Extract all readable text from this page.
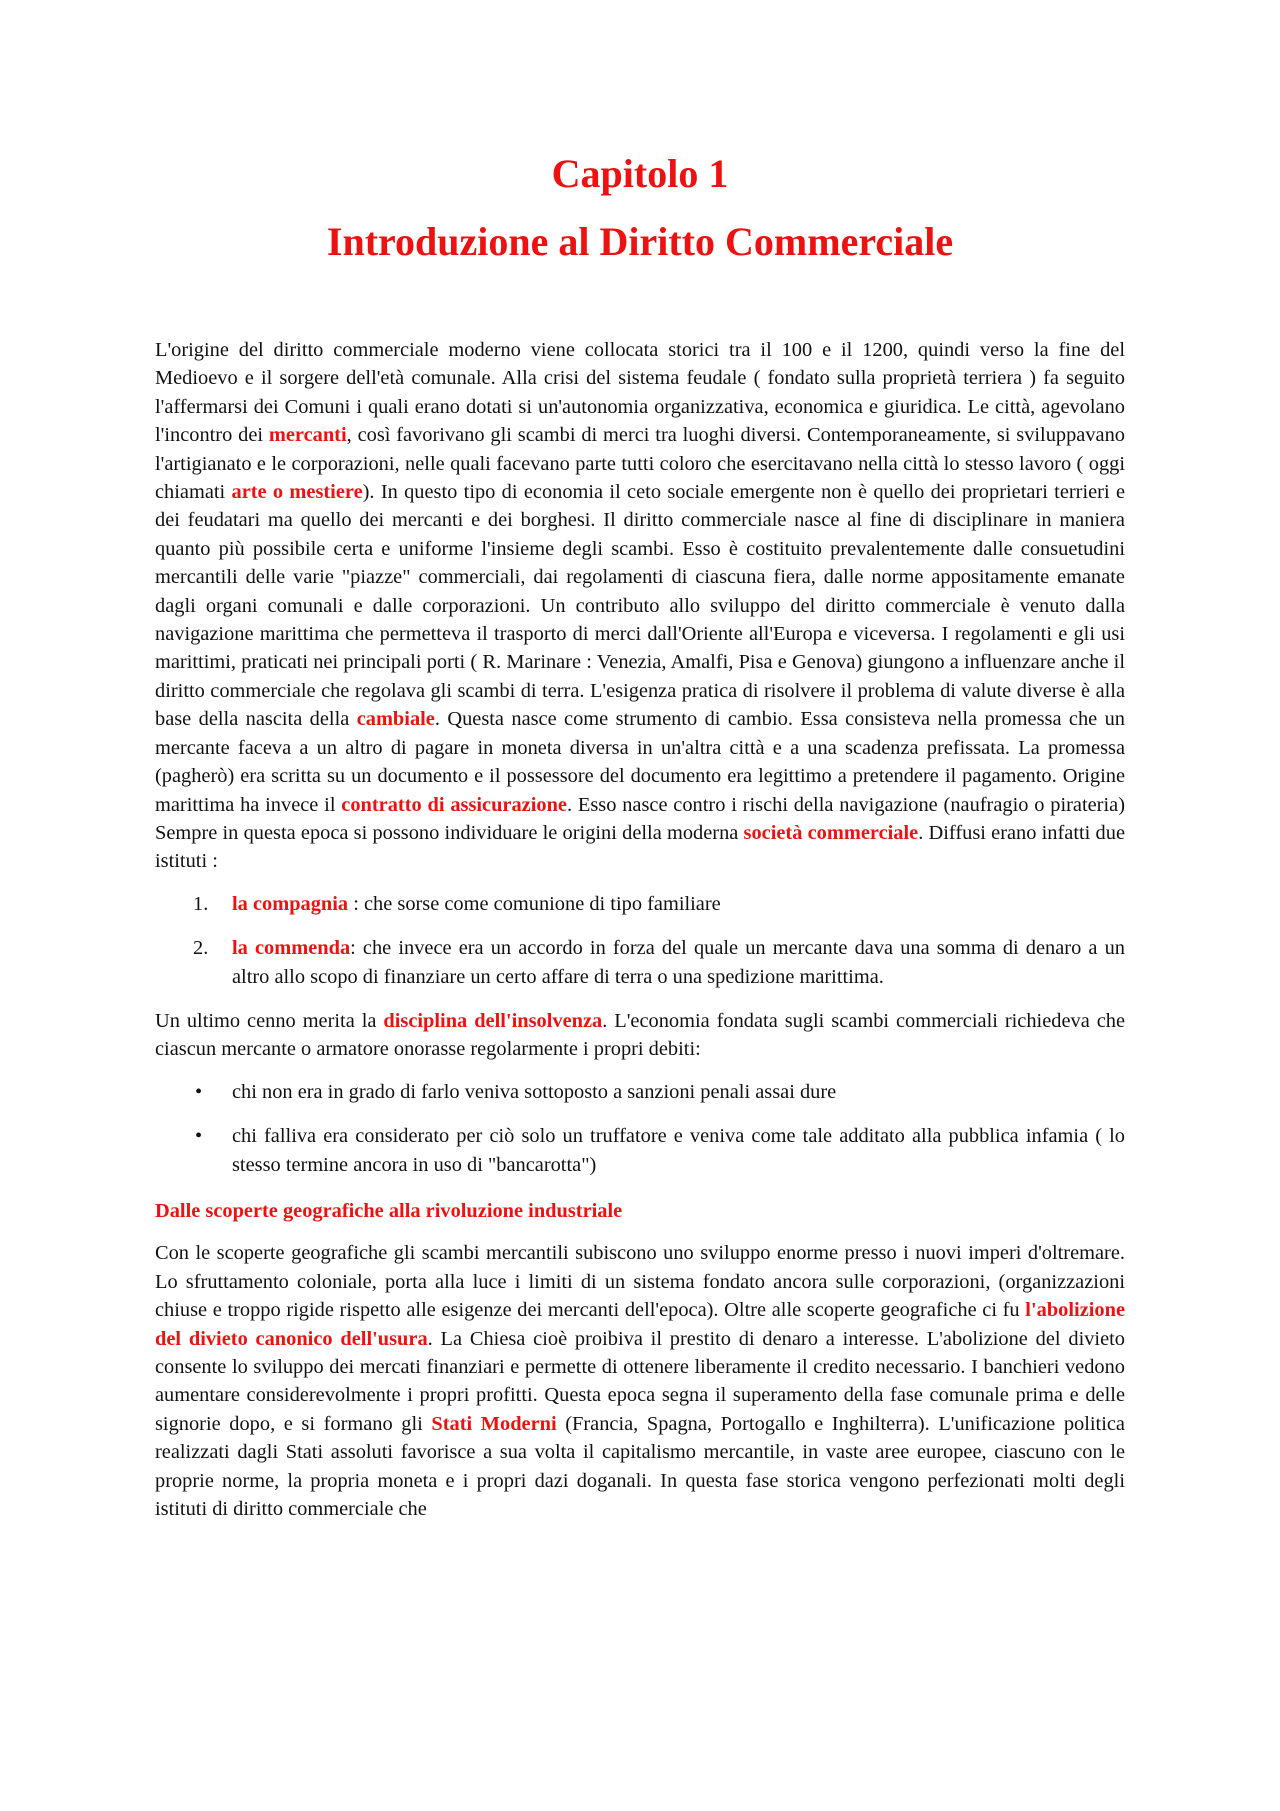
Capitolo 1
Introduzione al Diritto Commerciale

L'origine del diritto commerciale moderno viene collocata storici tra il 100 e il 1200, quindi verso la fine del Medioevo e il sorgere dell'età comunale. Alla crisi del sistema feudale ( fondato sulla proprietà terriera ) fa seguito l'affermarsi dei Comuni i quali erano dotati si un'autonomia organizzativa, economica e giuridica. Le città, agevolano l'incontro dei mercanti, così favorivano gli scambi di merci tra luoghi diversi. Contemporaneamente, si sviluppavano l'artigianato e le corporazioni, nelle quali facevano parte tutti coloro che esercitavano nella città lo stesso lavoro ( oggi chiamati arte o mestiere). In questo tipo di economia il ceto sociale emergente non è quello dei proprietari terrieri e dei feudatari ma quello dei mercanti e dei borghesi. Il diritto commerciale nasce al fine di disciplinare in maniera quanto più possibile certa e uniforme l'insieme degli scambi. Esso è costituito prevalentemente dalle consuetudini mercantili delle varie "piazze" commerciali, dai regolamenti di ciascuna fiera, dalle norme appositamente emanate dagli organi comunali e dalle corporazioni. Un contributo allo sviluppo del diritto commerciale è venuto dalla navigazione marittima che permetteva il trasporto di merci dall'Oriente all'Europa e viceversa. I regolamenti e gli usi marittimi, praticati nei principali porti ( R. Marinare : Venezia, Amalfi, Pisa e Genova) giungono a influenzare anche il diritto commerciale che regolava gli scambi di terra. L'esigenza pratica di risolvere il problema di valute diverse è alla base della nascita della cambiale. Questa nasce come strumento di cambio. Essa consisteva nella promessa che un mercante faceva a un altro di pagare in moneta diversa in un'altra città e a una scadenza prefissata. La promessa (pagherò) era scritta su un documento e il possessore del documento era legittimo a pretendere il pagamento. Origine marittima ha invece il contratto di assicurazione. Esso nasce contro i rischi della navigazione (naufragio o pirateria) Sempre in questa epoca si possono individuare le origini della moderna società commerciale. Diffusi erano infatti due istituti :

1. la compagnia : che sorse come comunione di tipo familiare
2. la commenda: che invece era un accordo in forza del quale un mercante dava una somma di denaro a un altro allo scopo di finanziare un certo affare di terra o una spedizione marittima.

Un ultimo cenno merita la disciplina dell'insolvenza. L'economia fondata sugli scambi commerciali richiedeva che ciascun mercante o armatore onorasse regolarmente i propri debiti:

• chi non era in grado di farlo veniva sottoposto a sanzioni penali assai dure
• chi falliva era considerato per ciò solo un truffatore e veniva come tale additato alla pubblica infamia ( lo stesso termine ancora in uso di "bancarotta")
Dalle scoperte geografiche alla rivoluzione industriale

Con le scoperte geografiche gli scambi mercantili subiscono uno sviluppo enorme presso i nuovi imperi d'oltremare. Lo sfruttamento coloniale, porta alla luce i limiti di un sistema fondato ancora sulle corporazioni, (organizzazioni chiuse e troppo rigide rispetto alle esigenze dei mercanti dell'epoca). Oltre alle scoperte geografiche ci fu l'abolizione del divieto canonico dell'usura. La Chiesa cioè proibiva il prestito di denaro a interesse. L'abolizione del divieto consente lo sviluppo dei mercati finanziari e permette di ottenere liberamente il credito necessario. I banchieri vedono aumentare considerevolmente i propri profitti. Questa epoca segna il superamento della fase comunale prima e delle signorie dopo, e si formano gli Stati Moderni (Francia, Spagna, Portogallo e Inghilterra). L'unificazione politica realizzati dagli Stati assoluti favorisce a sua volta il capitalismo mercantile, in vaste aree europee, ciascuno con le proprie norme, la propria moneta e i propri dazi doganali. In questa fase storica vengono perfezionati molti degli istituti di diritto commerciale che
